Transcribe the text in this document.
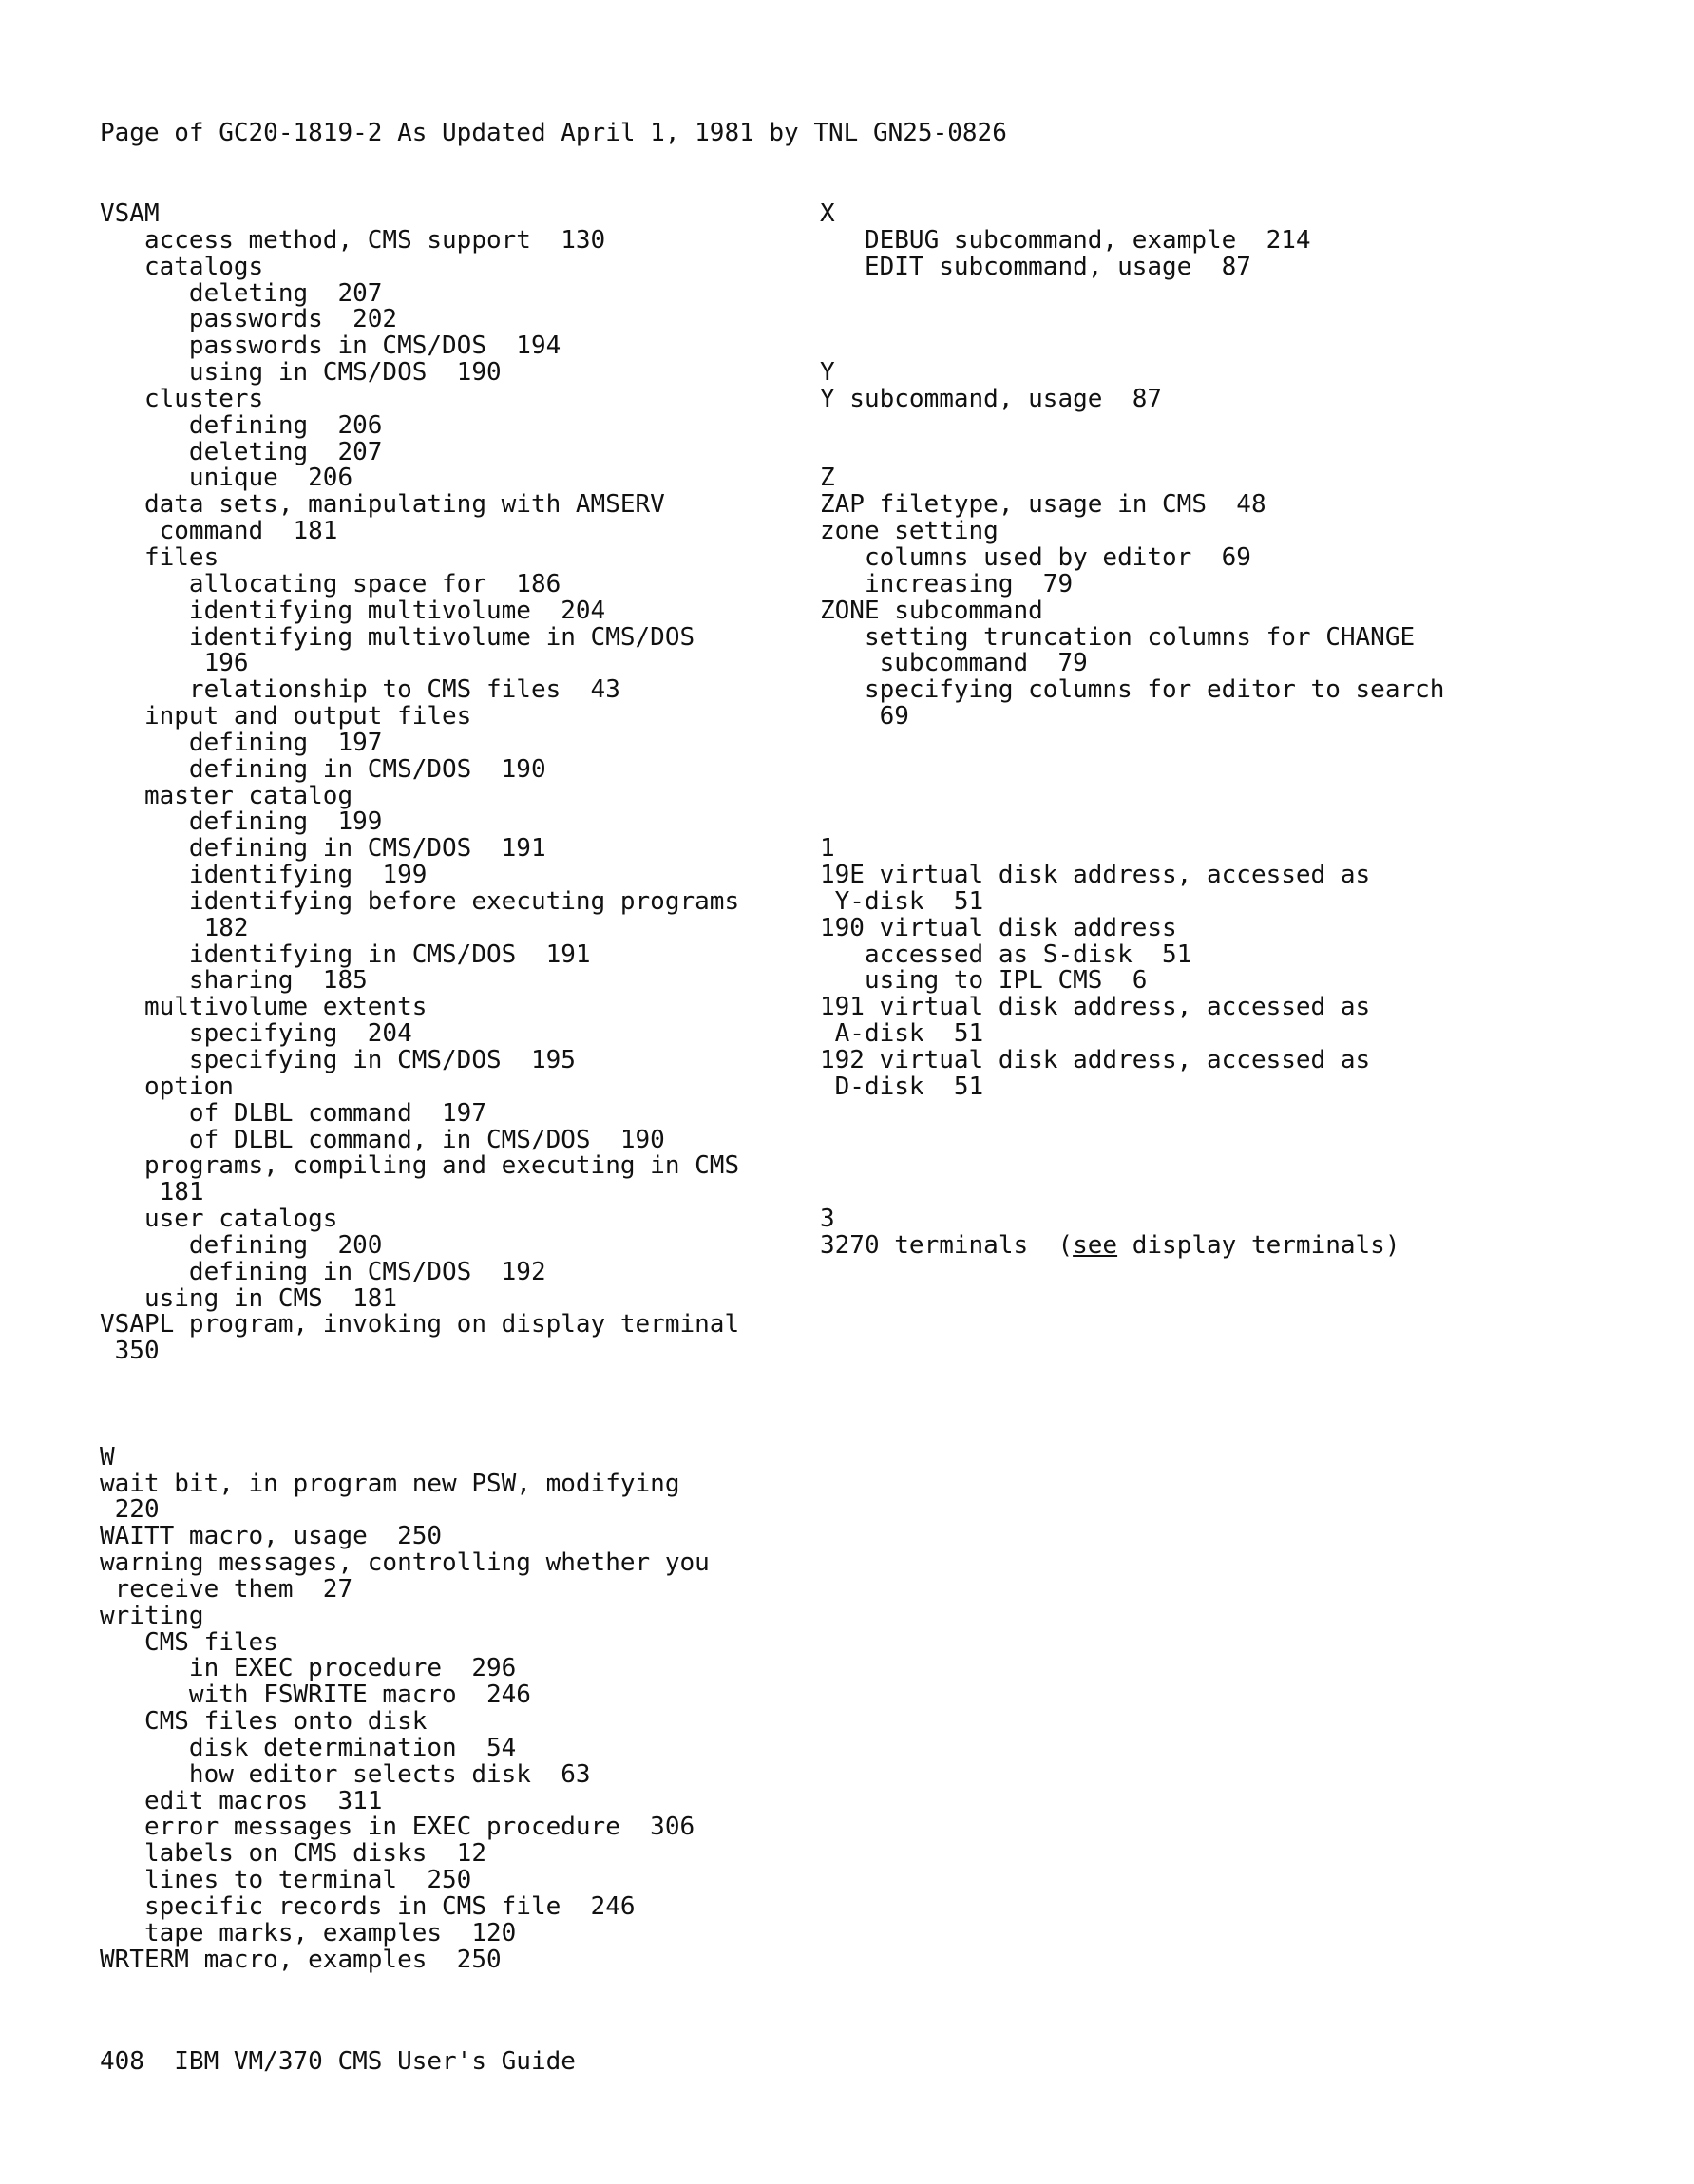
Page of GC20-1819-2 As Updated April 1, 1981 by TNL GN25-0826
VSAM
access method, CMS support  130
catalogs
deleting  207
passwords  202
passwords in CMS/DOS  194
using in CMS/DOS  190
clusters
defining  206
deleting  207
unique  206
data sets, manipulating with AMSERV
command  181
files
allocating space for  186
identifying multivolume  204
identifying multivolume in CMS/DOS
196
relationship to CMS files  43
input and output files
defining  197
defining in CMS/DOS  190
master catalog
defining  199
defining in CMS/DOS  191
identifying  199
identifying before executing programs
182
identifying in CMS/DOS  191
sharing  185
multivolume extents
specifying  204
specifying in CMS/DOS  195
option
of DLBL command  197
of DLBL command, in CMS/DOS  190
programs, compiling and executing in CMS
181
user catalogs
defining  200
defining in CMS/DOS  192
using in CMS  181
VSAPL program, invoking on display terminal
350
W
wait bit, in program new PSW, modifying
220
WAITT macro, usage  250
warning messages, controlling whether you
receive them  27
writing
CMS files
in EXEC procedure  296
with FSWRITE macro  246
CMS files onto disk
disk determination  54
how editor selects disk  63
edit macros  311
error messages in EXEC procedure  306
labels on CMS disks  12
lines to terminal  250
specific records in CMS file  246
tape marks, examples  120
WRTERM macro, examples  250
X
DEBUG subcommand, example  214
EDIT subcommand, usage  87
Y
Y subcommand, usage  87
Z
ZAP filetype, usage in CMS  48
zone setting
columns used by editor  69
increasing  79
ZONE subcommand
setting truncation columns for CHANGE
subcommand  79
specifying columns for editor to search
69
1
19E virtual disk address, accessed as
Y-disk  51
190 virtual disk address
accessed as S-disk  51
using to IPL CMS  6
191 virtual disk address, accessed as
A-disk  51
192 virtual disk address, accessed as
D-disk  51
3
3270 terminals  (see display terminals)
408  IBM VM/370 CMS User's Guide
